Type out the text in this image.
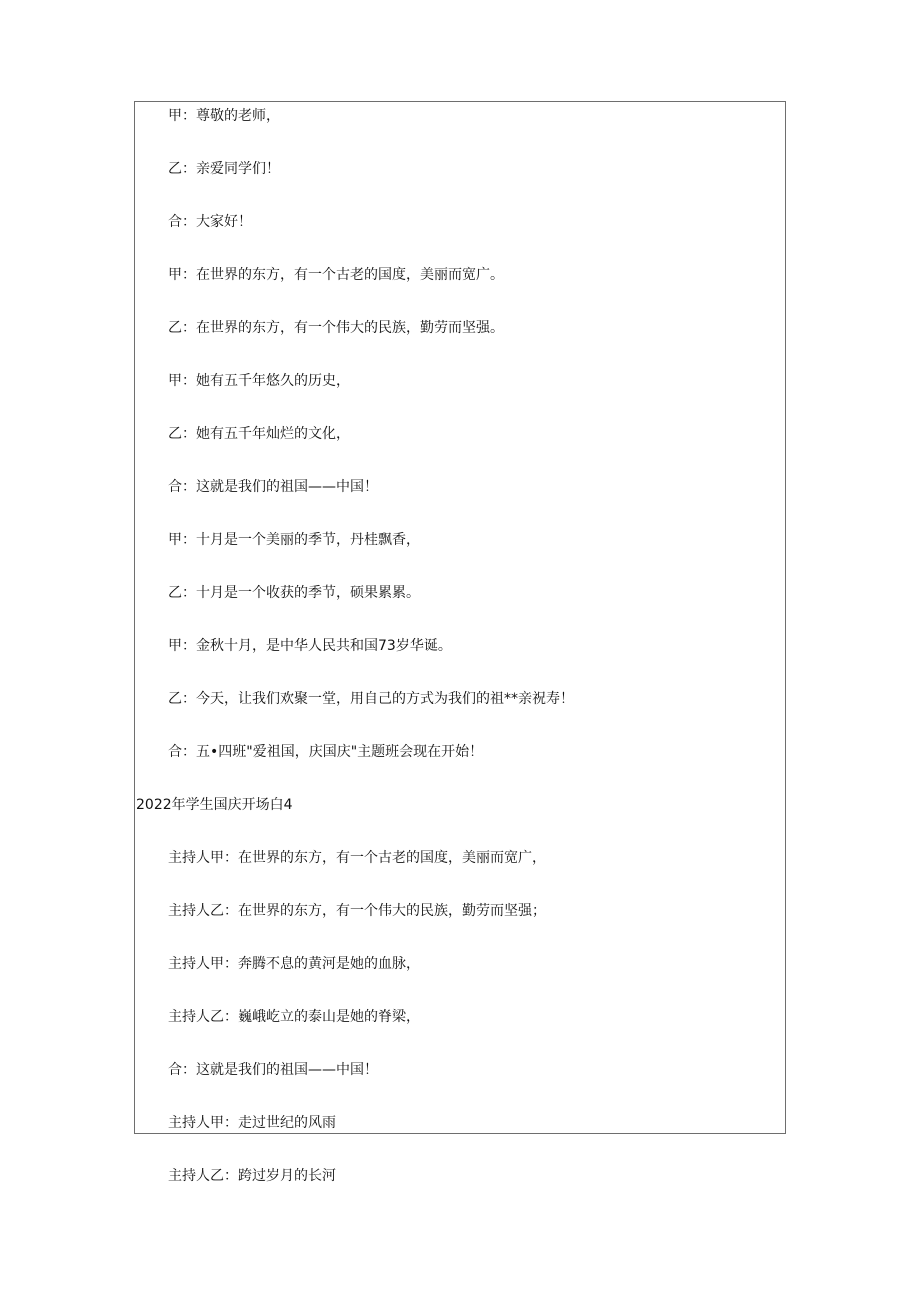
甲：尊敬的老师，

乙：亲爱同学们！

合：大家好！

甲：在世界的东方，有一个古老的国度，美丽而宽广。

乙：在世界的东方，有一个伟大的民族，勤劳而坚强。

甲：她有五千年悠久的历史，

乙：她有五千年灿烂的文化，

合：这就是我们的祖国——中国！

甲：十月是一个美丽的季节，丹桂飘香，

乙：十月是一个收获的季节，硕果累累。

甲：金秋十月，是中华人民共和国73岁华诞。

乙：今天，让我们欢聚一堂，用自己的方式为我们的祖**亲祝寿！

合：五•四班"爱祖国，庆国庆"主题班会现在开始！

2022年学生国庆开场白4

主持人甲：在世界的东方，有一个古老的国度，美丽而宽广，

主持人乙：在世界的东方，有一个伟大的民族，勤劳而坚强；

主持人甲：奔腾不息的黄河是她的血脉，

主持人乙：巍峨屹立的泰山是她的脊梁，

合：这就是我们的祖国——中国！

主持人甲：走过世纪的风雨

主持人乙：跨过岁月的长河
